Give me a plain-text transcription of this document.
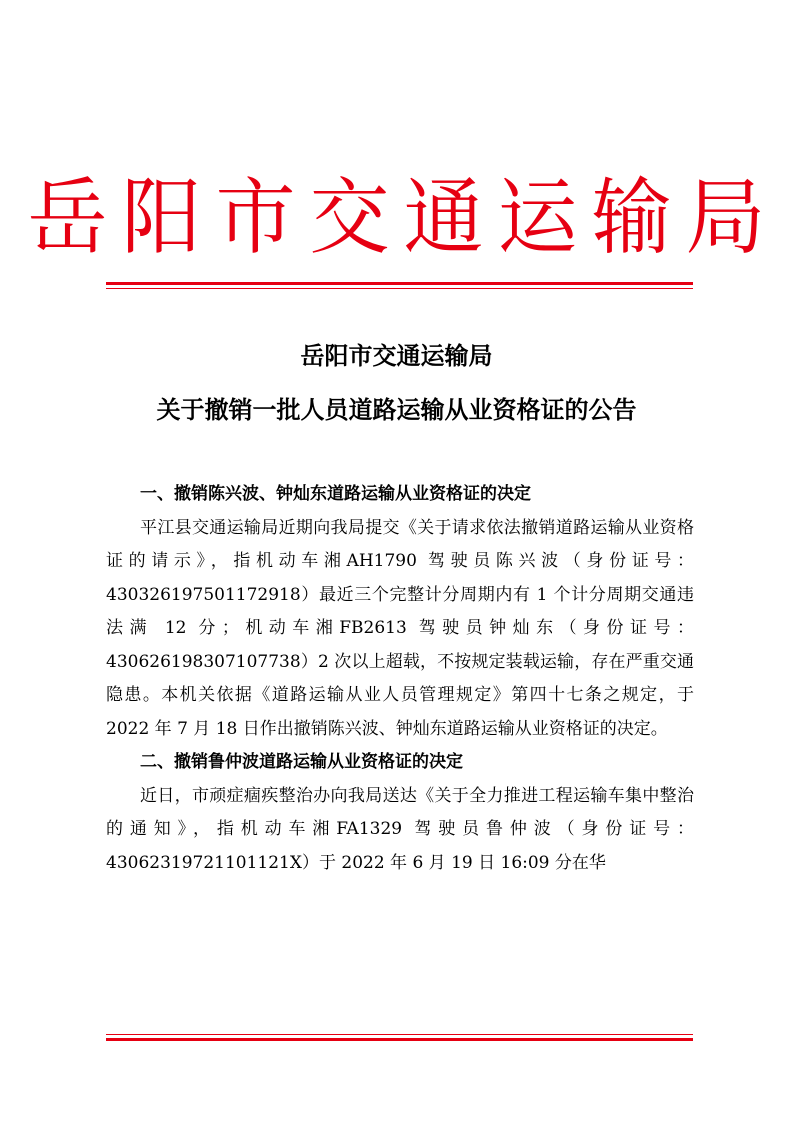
岳阳市交通运输局
岳阳市交通运输局
关于撤销一批人员道路运输从业资格证的公告

一、撤销陈兴波、钟灿东道路运输从业资格证的决定

平江县交通运输局近期向我局提交《关于请求依法撤销道路运输从业资格证的请示》，指机动车湘AH1790 驾驶员陈兴波（身份证号：430326197501172918）最近三个完整计分周期内有 1 个计分周期交通违法满 12 分；机动车湘FB2613 驾驶员钟灿东（身份证号：430626198307107738）2 次以上超载，不按规定装载运输，存在严重交通隐患。本机关依据《道路运输从业人员管理规定》第四十七条之规定，于 2022 年 7 月 18 日作出撤销陈兴波、钟灿东道路运输从业资格证的决定。

二、撤销鲁仲波道路运输从业资格证的决定

近日，市顽症痼疾整治办向我局送达《关于全力推进工程运输车集中整治的通知》，指机动车湘FA1329 驾驶员鲁仲波（身份证号：43062319721101121X）于 2022 年 6 月 19 日 16:09 分在华
